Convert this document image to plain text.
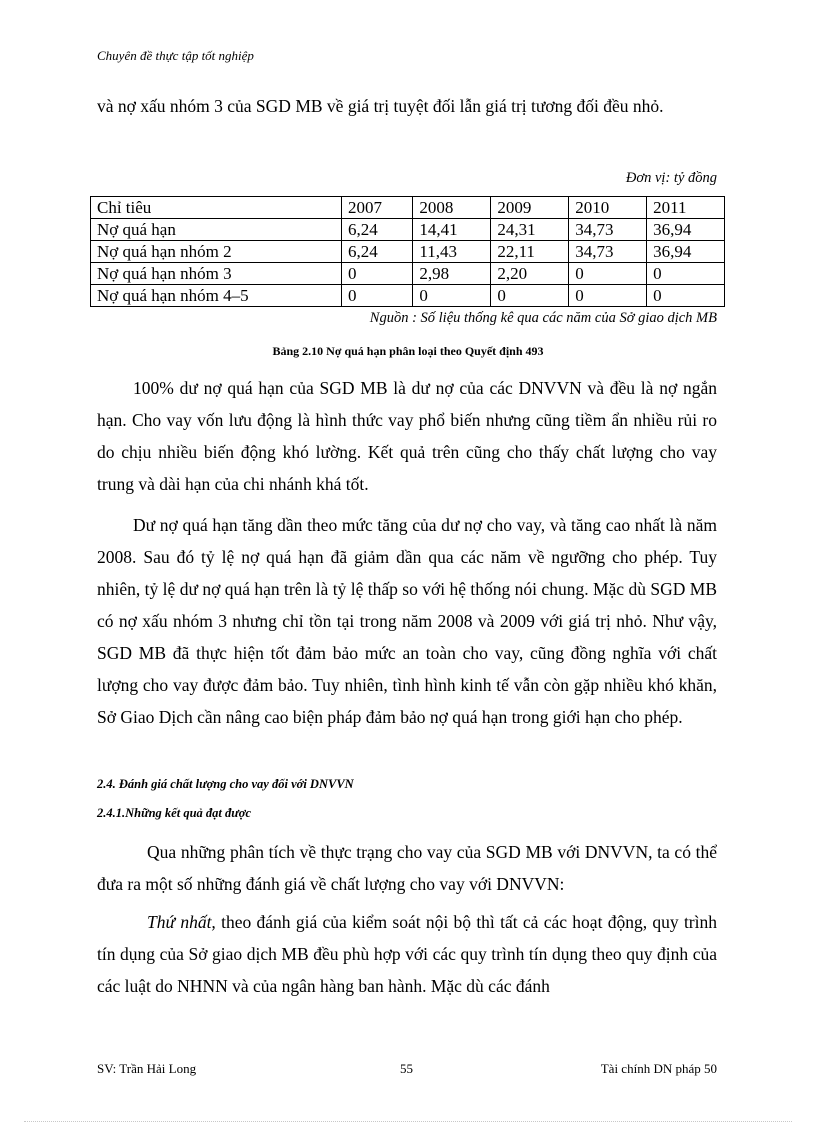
Chuyên đề thực tập tốt nghiệp

và nợ xấu nhóm 3 của SGD MB về giá trị tuyệt đối lẫn giá trị tương đối đều nhỏ.

Đơn vị: tỷ đồng
Chỉ tiêu	2007	2008	2009	2010	2011
Nợ quá hạn	6,24	14,41	24,31	34,73	36,94
Nợ quá hạn nhóm 2	6,24	11,43	22,11	34,73	36,94
Nợ quá hạn nhóm 3	0	2,98	2,20	0	0
Nợ quá hạn nhóm 4–5	0	0	0	0	0
Nguồn : Số liệu thống kê qua các năm của Sở giao dịch MB
Bảng 2.10 Nợ quá hạn phân loại theo Quyết định 493

100% dư nợ quá hạn của SGD MB là dư nợ của các DNVVN và đều là nợ ngắn hạn. Cho vay vốn lưu động là hình thức vay phổ biến nhưng cũng tiềm ẩn nhiều rủi ro do chịu nhiều biến động khó lường. Kết quả trên cũng cho thấy chất lượng cho vay trung và dài hạn của chi nhánh khá tốt.

Dư nợ quá hạn tăng dần theo mức tăng của dư nợ cho vay, và tăng cao nhất là năm 2008. Sau đó tỷ lệ nợ quá hạn đã giảm dần qua các năm về ngưỡng cho phép. Tuy nhiên, tỷ lệ dư nợ quá hạn trên là tỷ lệ thấp so với hệ thống nói chung. Mặc dù SGD MB có nợ xấu nhóm 3 nhưng chỉ tồn tại trong năm 2008 và 2009 với giá trị nhỏ. Như vậy, SGD MB đã thực hiện tốt đảm bảo mức an toàn cho vay, cũng đồng nghĩa với chất lượng cho vay được đảm bảo. Tuy nhiên, tình hình kinh tế vẫn còn gặp nhiều khó khăn, Sở Giao Dịch cần nâng cao biện pháp đảm bảo nợ quá hạn trong giới hạn cho phép.

2.4. Đánh giá chất lượng cho vay đối với DNVVN
2.4.1.Những kết quả đạt được

Qua những phân tích về thực trạng cho vay của SGD MB với DNVVN, ta có thể đưa ra một số những đánh giá về chất lượng cho vay với DNVVN:

Thứ nhất, theo đánh giá của kiểm soát nội bộ thì tất cả các hoạt động, quy trình tín dụng của Sở giao dịch MB đều phù hợp với các quy trình tín dụng theo quy định của các luật do NHNN và của ngân hàng ban hành. Mặc dù các đánh

SV: Trần Hải Long	55	Tài chính DN pháp 50
